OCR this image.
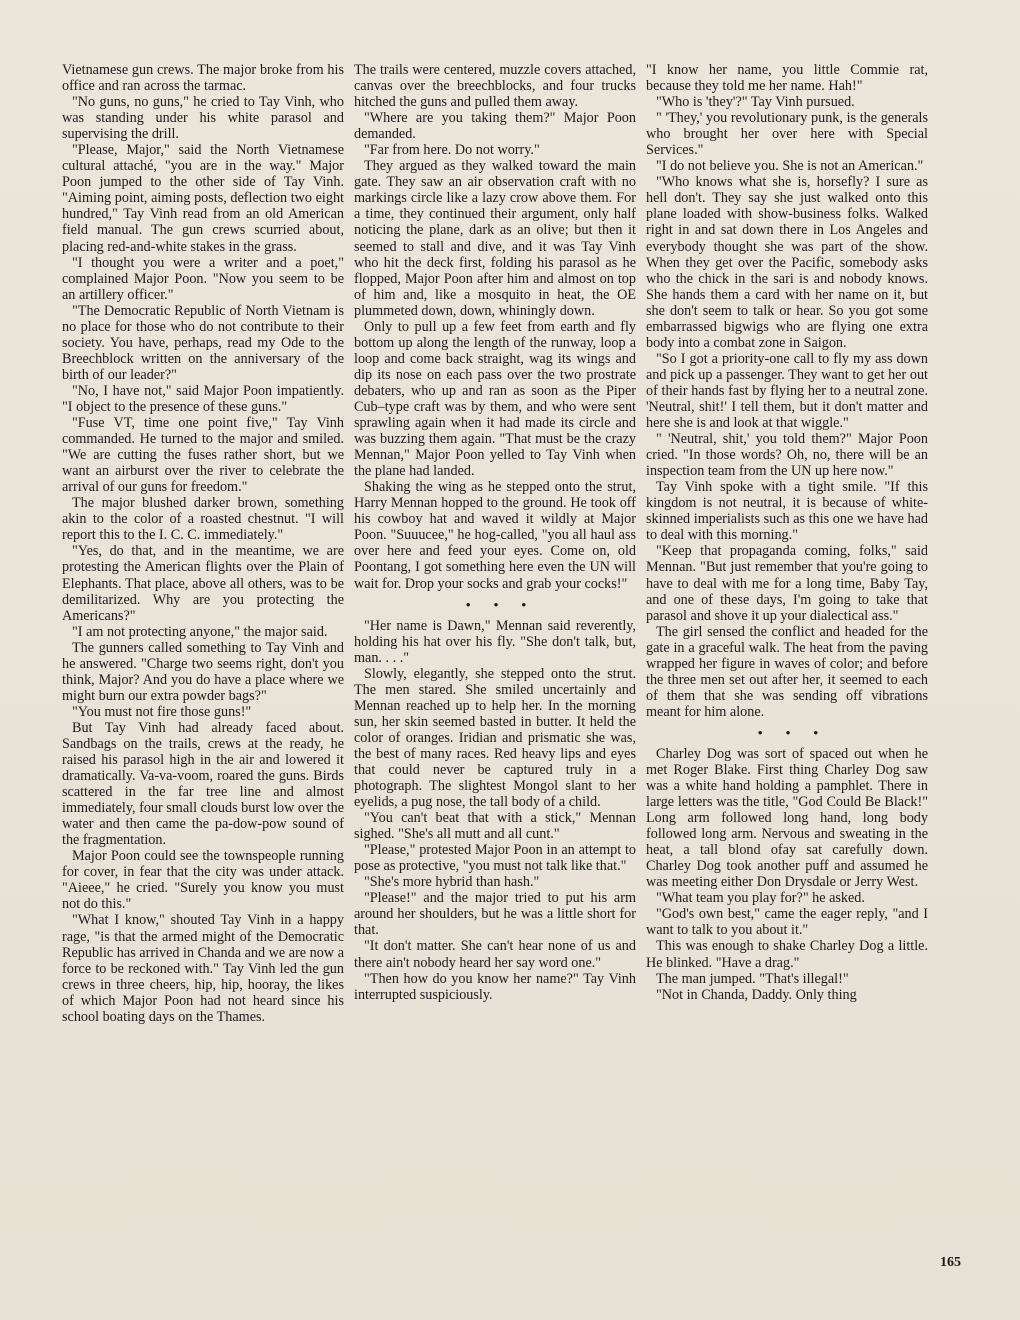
Vietnamese gun crews. The major broke from his office and ran across the tarmac.

"No guns, no guns," he cried to Tay Vinh, who was standing under his white parasol and supervising the drill.

"Please, Major," said the North Vietnamese cultural attaché, "you are in the way." Major Poon jumped to the other side of Tay Vinh. "Aiming point, aiming posts, deflection two eight hundred," Tay Vinh read from an old American field manual. The gun crews scurried about, placing red-and-white stakes in the grass.

"I thought you were a writer and a poet," complained Major Poon. "Now you seem to be an artillery officer."

"The Democratic Republic of North Vietnam is no place for those who do not contribute to their society. You have, perhaps, read my Ode to the Breechblock written on the anniversary of the birth of our leader?"

"No, I have not," said Major Poon impatiently. "I object to the presence of these guns."

"Fuse VT, time one point five," Tay Vinh commanded. He turned to the major and smiled. "We are cutting the fuses rather short, but we want an airburst over the river to celebrate the arrival of our guns for freedom."

The major blushed darker brown, something akin to the color of a roasted chestnut. "I will report this to the I. C. C. immediately."

"Yes, do that, and in the meantime, we are protesting the American flights over the Plain of Elephants. That place, above all others, was to be demilitarized. Why are you protecting the Americans?"

"I am not protecting anyone," the major said.

The gunners called something to Tay Vinh and he answered. "Charge two seems right, don't you think, Major? And you do have a place where we might burn our extra powder bags?"

"You must not fire those guns!"

But Tay Vinh had already faced about. Sandbags on the trails, crews at the ready, he raised his parasol high in the air and lowered it dramatically. Va-va-voom, roared the guns. Birds scattered in the far tree line and almost immediately, four small clouds burst low over the water and then came the pa-dow-pow sound of the fragmentation.

Major Poon could see the townspeople running for cover, in fear that the city was under attack. "Aieee," he cried. "Surely you know you must not do this."

"What I know," shouted Tay Vinh in a happy rage, "is that the armed might of the Democratic Republic has arrived in Chanda and we are now a force to be reckoned with." Tay Vinh led the gun crews in three cheers, hip, hip, hooray, the likes of which Major Poon had not heard since his school boating days on the Thames.

The trails were centered, muzzle covers attached, canvas over the breechblocks, and four trucks hitched the guns and pulled them away.

"Where are you taking them?" Major Poon demanded.

"Far from here. Do not worry."

They argued as they walked toward the main gate. They saw an air observation craft with no markings circle like a lazy crow above them. For a time, they continued their argument, only half noticing the plane, dark as an olive; but then it seemed to stall and dive, and it was Tay Vinh who hit the deck first, folding his parasol as he flopped, Major Poon after him and almost on top of him and, like a mosquito in heat, the OE plummeted down, down, whiningly down.

Only to pull up a few feet from earth and fly bottom up along the length of the runway, loop a loop and come back straight, wag its wings and dip its nose on each pass over the two prostrate debaters, who up and ran as soon as the Piper Cub–type craft was by them, and who were sent sprawling again when it had made its circle and was buzzing them again. "That must be the crazy Mennan," Major Poon yelled to Tay Vinh when the plane had landed.

Shaking the wing as he stepped onto the strut, Harry Mennan hopped to the ground. He took off his cowboy hat and waved it wildly at Major Poon. "Suuucee," he hog-called, "you all haul ass over here and feed your eyes. Come on, old Poontang, I got something here even the UN will wait for. Drop your socks and grab your cocks!"

• • •

"Her name is Dawn," Mennan said reverently, holding his hat over his fly. "She don't talk, but, man. . . ."

Slowly, elegantly, she stepped onto the strut. The men stared. She smiled uncertainly and Mennan reached up to help her. In the morning sun, her skin seemed basted in butter. It held the color of oranges. Iridian and prismatic she was, the best of many races. Red heavy lips and eyes that could never be captured truly in a photograph. The slightest Mongol slant to her eyelids, a pug nose, the tall body of a child.

"You can't beat that with a stick," Mennan sighed. "She's all mutt and all cunt."

"Please," protested Major Poon in an attempt to pose as protective, "you must not talk like that."

"She's more hybrid than hash."

"Please!" and the major tried to put his arm around her shoulders, but he was a little short for that.

"It don't matter. She can't hear none of us and there ain't nobody heard her say word one."

"Then how do you know her name?" Tay Vinh interrupted suspiciously.

"I know her name, you little Commie rat, because they told me her name. Hah!"

"Who is 'they'?" Tay Vinh pursued.

" 'They,' you revolutionary punk, is the generals who brought her over here with Special Services."

"I do not believe you. She is not an American."

"Who knows what she is, horsefly? I sure as hell don't. They say she just walked onto this plane loaded with show-business folks. Walked right in and sat down there in Los Angeles and everybody thought she was part of the show. When they get over the Pacific, somebody asks who the chick in the sari is and nobody knows. She hands them a card with her name on it, but she don't seem to talk or hear. So you got some embarrassed bigwigs who are flying one extra body into a combat zone in Saigon.

"So I got a priority-one call to fly my ass down and pick up a passenger. They want to get her out of their hands fast by flying her to a neutral zone. 'Neutral, shit!' I tell them, but it don't matter and here she is and look at that wiggle."

" 'Neutral, shit,' you told them?" Major Poon cried. "In those words? Oh, no, there will be an inspection team from the UN up here now."

Tay Vinh spoke with a tight smile. "If this kingdom is not neutral, it is because of white-skinned imperialists such as this one we have had to deal with this morning."

"Keep that propaganda coming, folks," said Mennan. "But just remember that you're going to have to deal with me for a long time, Baby Tay, and one of these days, I'm going to take that parasol and shove it up your dialectical ass."

The girl sensed the conflict and headed for the gate in a graceful walk. The heat from the paving wrapped her figure in waves of color; and before the three men set out after her, it seemed to each of them that she was sending off vibrations meant for him alone.

• • •

Charley Dog was sort of spaced out when he met Roger Blake. First thing Charley Dog saw was a white hand holding a pamphlet. There in large letters was the title, "God Could Be Black!" Long arm followed long hand, long body followed long arm. Nervous and sweating in the heat, a tall blond ofay sat carefully down. Charley Dog took another puff and assumed he was meeting either Don Drysdale or Jerry West.

"What team you play for?" he asked.

"God's own best," came the eager reply, "and I want to talk to you about it."

This was enough to shake Charley Dog a little. He blinked. "Have a drag."

The man jumped. "That's illegal!"

"Not in Chanda, Daddy. Only thing

165
